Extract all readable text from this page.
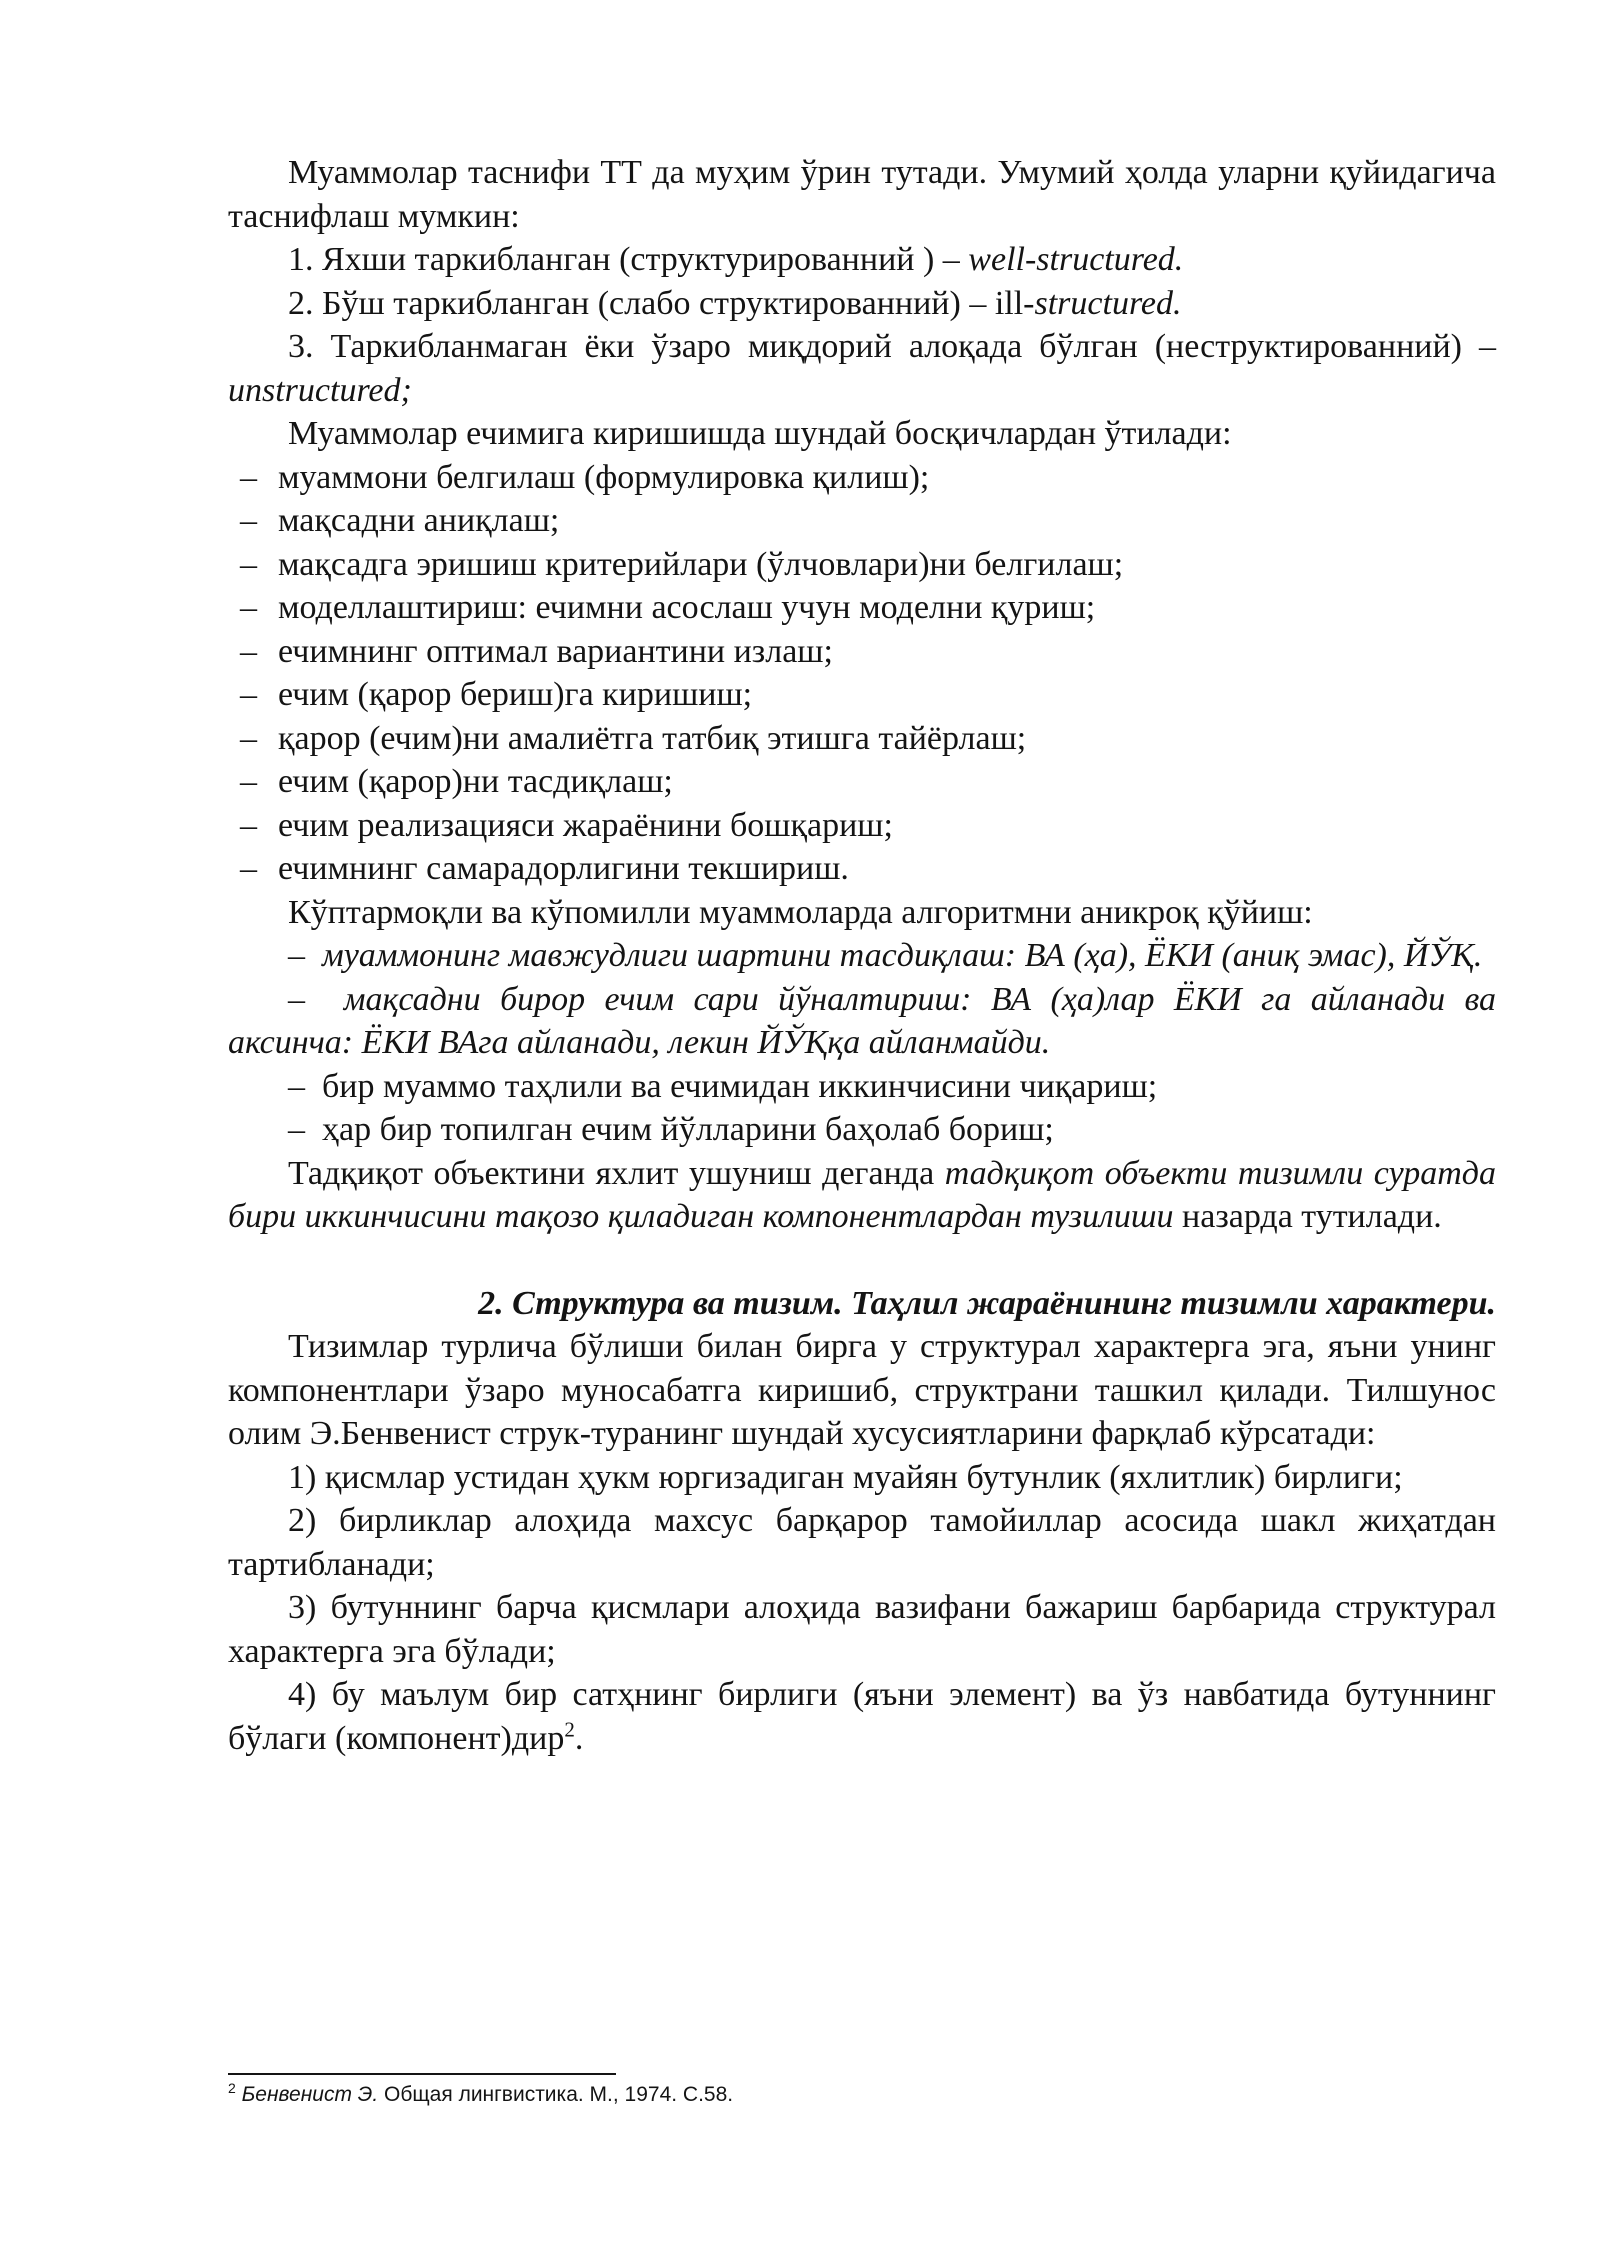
Муаммолар таснифи ТТ да муҳим ўрин тутади. Умумий ҳолда уларни қуйидагича таснифлаш мумкин:

1. Яхши таркибланган (структурированний ) – well-structured.

2. Бўш таркибланган (слабо структированний) – ill-structured.

3. Таркибланмаган ёки ўзаро миқдорий алоқада бўлган (неструктированний) – unstructured;

Муаммолар ечимига киришишда шундай босқичлардан ўтилади:

– муаммони белгилаш (формулировка қилиш);

– мақсадни аниқлаш;

– мақсадга эришиш критерийлари (ўлчовлари)ни белгилаш;

– моделлаштириш: ечимни асослаш учун моделни қуриш;

– ечимнинг оптимал вариантини излаш;

– ечим (қарор бериш)га киришиш;

– қарор (ечим)ни амалиётга татбиқ этишга тайёрлаш;

– ечим (қарор)ни тасдиқлаш;

– ечим реализацияси жараёнини бошқариш;

– ечимнинг самарадорлигини текшириш.

Кўптармоқли ва кўпомилли муаммоларда алгоритмни аникроқ қўйиш:

–  муаммонинг мавжудлиги шартини тасдиқлаш: ВА (ҳа), ЁКИ (аниқ эмас), ЙЎҚ.

–  мақсадни бирор ечим сари йўналтириш: ВА (ҳа)лар ЁКИ га айланади ва аксинча: ЁКИ ВАга айланади, лекин ЙЎҚқа айланмайди.

–  бир муаммо таҳлили ва ечимидан иккинчисини чиқариш;

–  ҳар бир топилган ечим йўлларини баҳолаб бориш;

Тадқиқот объектини яхлит ушуниш деганда тадқиқот объекти тизимли суратда бири иккинчисини тақозо қиладиган компонентлардан тузилиши назарда тутилади.

2. Структура ва тизим. Таҳлил жараёнининг тизимли характери.

Тизимлар турлича бўлиши билан бирга у структурал характерга эга, яъни унинг компонентлари ўзаро муносабатга киришиб, структрани ташкил қилади. Тилшунос олим Э.Бенвенист струк-туранинг шундай хусусиятларини фарқлаб кўрсатади:

1) қисмлар устидан ҳукм юргизадиган муайян бутунлик (яхлитлик) бирлиги;

2) бирликлар алоҳида махсус барқарор тамойиллар асосида шакл жиҳатдан тартибланади;

3) бутуннинг барча қисмлари алоҳида вазифани бажариш барбарида структурал характерга эга бўлади;

4) бу маълум бир сатҳнинг бирлиги (яъни элемент) ва ўз навбатида бутуннинг бўлаги (компонент)дир$^2$.

$^2$ Бенвенист Э. Общая лингвистика. М., 1974. С.58.
